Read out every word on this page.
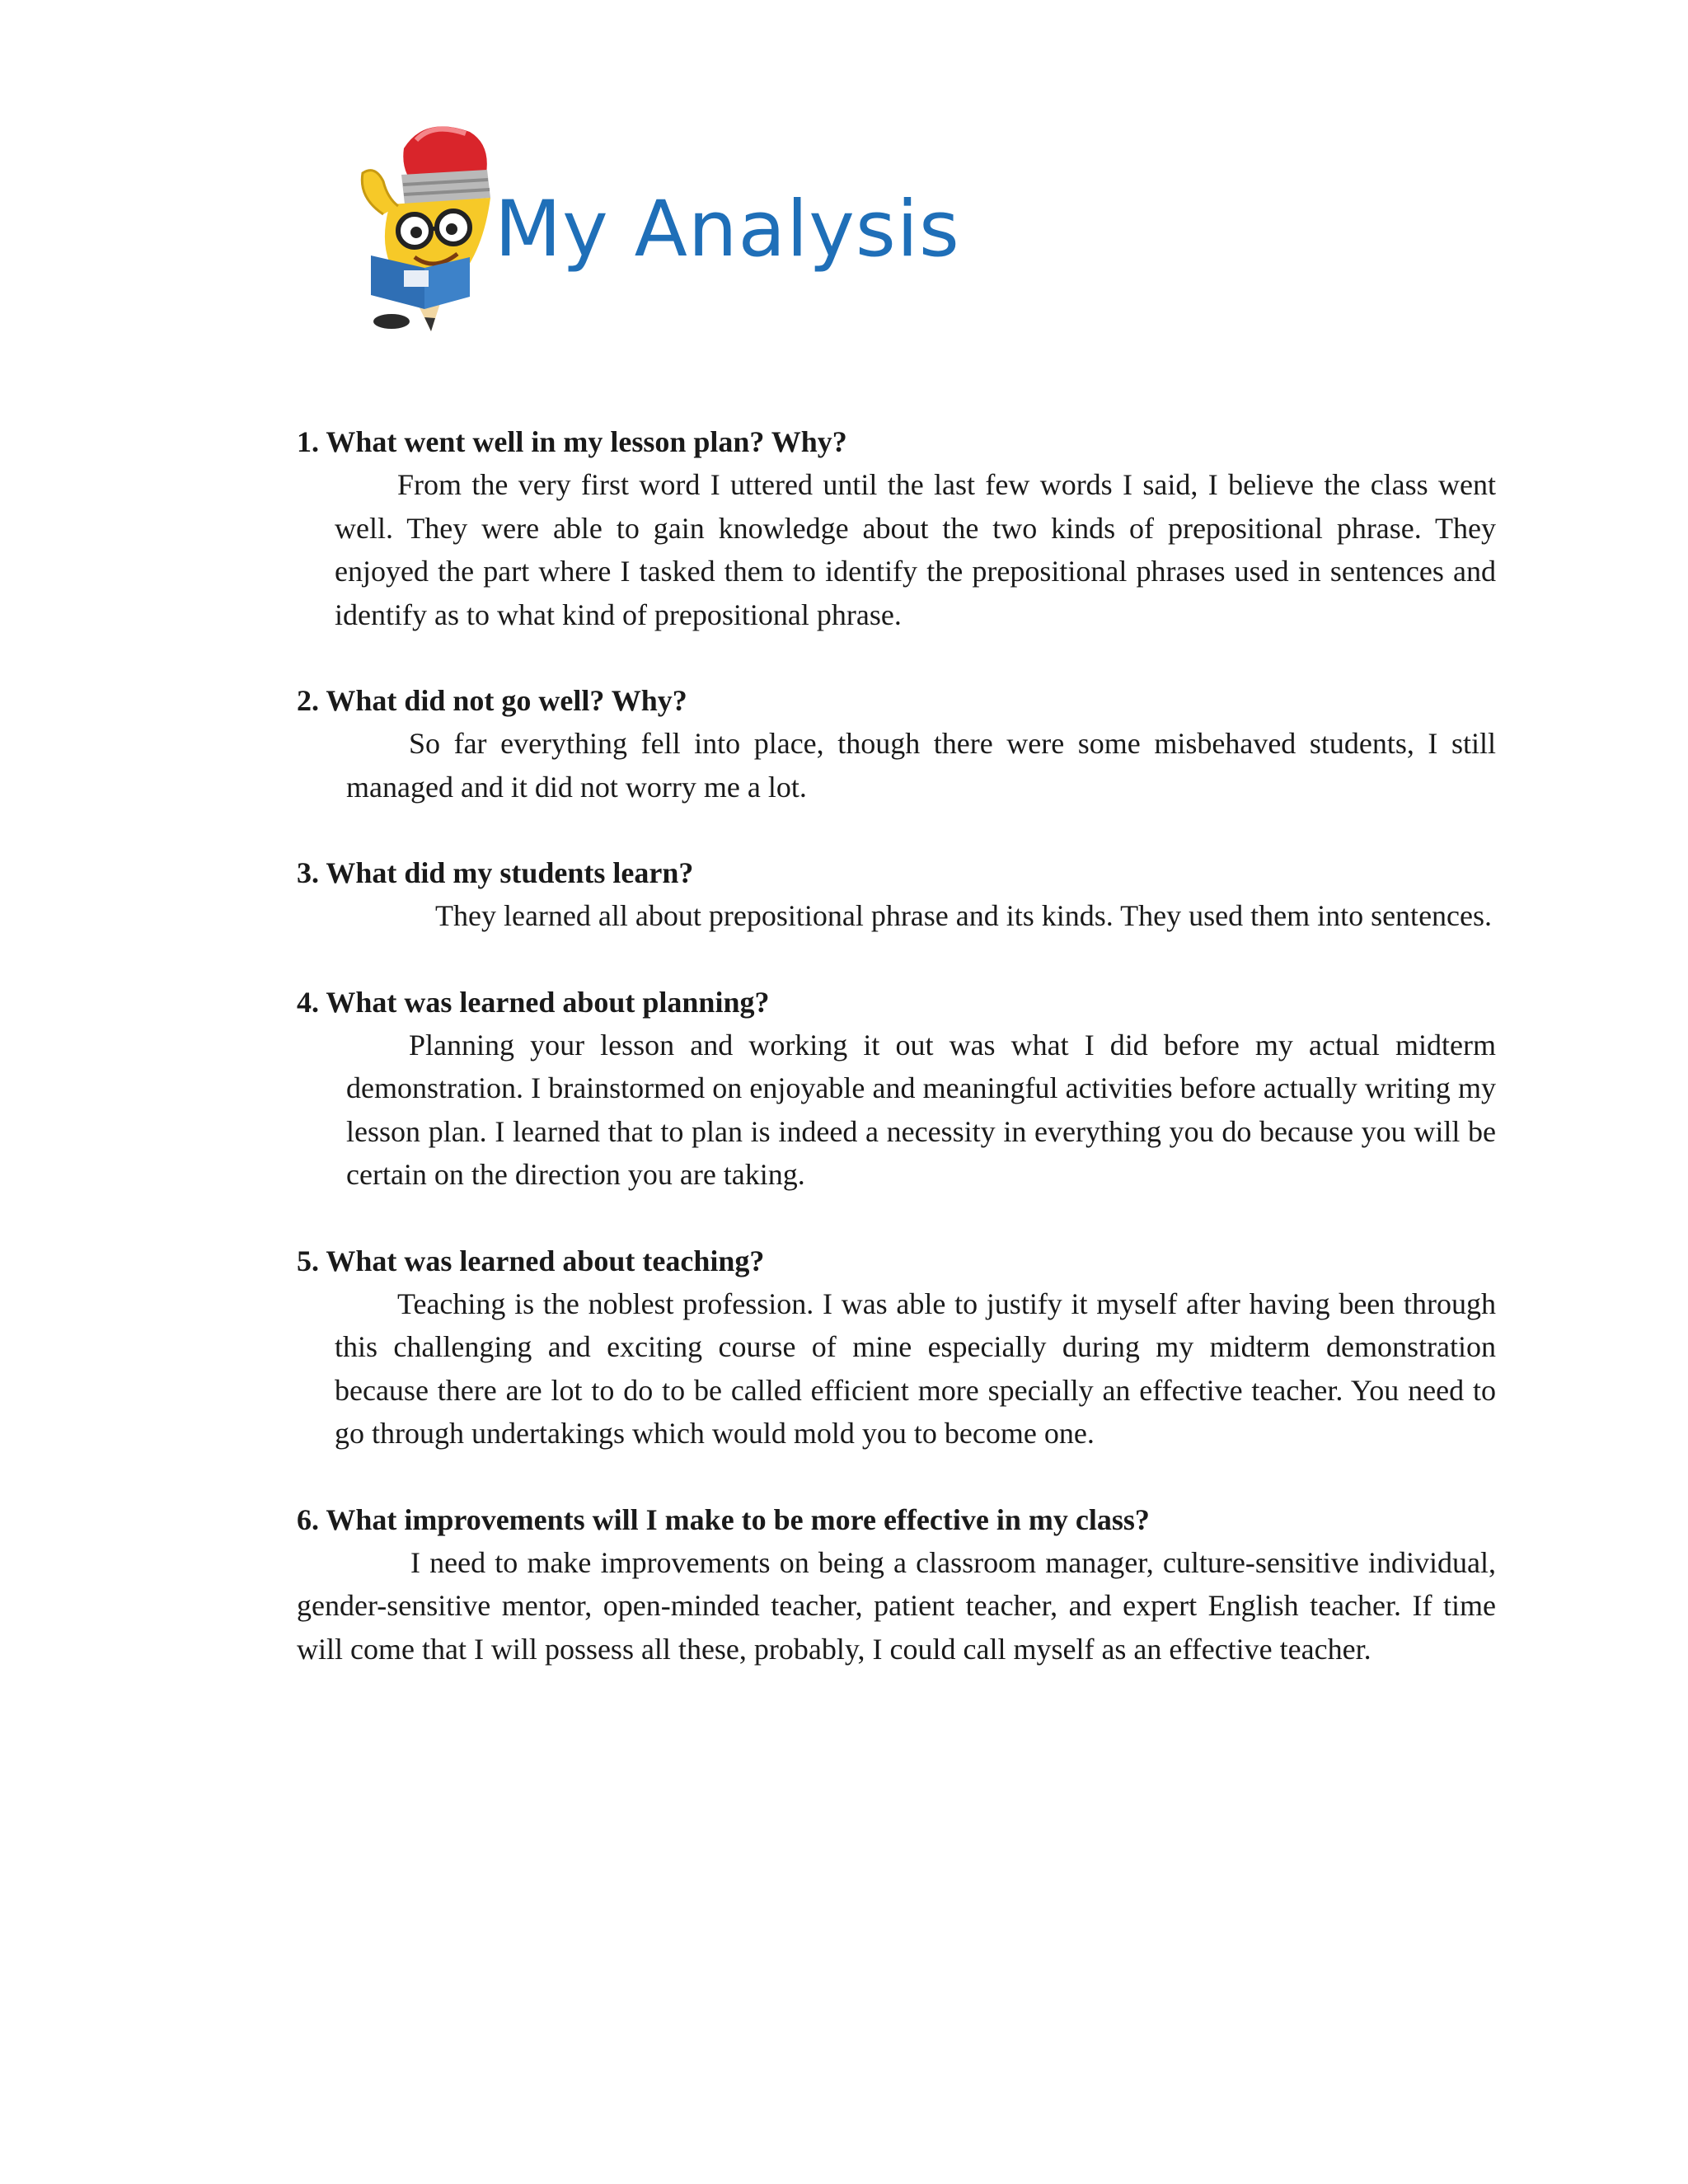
My Analysis

1. What went well in my lesson plan? Why?

From the very first word I uttered until the last few words I said, I believe the class went well. They were able to gain knowledge about the two kinds of prepositional phrase. They enjoyed the part where I tasked them to identify the prepositional phrases used in sentences and identify as to what kind of prepositional phrase.

2. What did not go well? Why?

So far everything fell into place, though there were some misbehaved students, I still managed and it did not worry me a lot.

3. What did my students learn?

They learned all about prepositional phrase and its kinds. They used them into sentences.

4. What was learned about planning?

Planning your lesson and working it out was what I did before my actual midterm demonstration. I brainstormed on enjoyable and meaningful activities before actually writing my lesson plan. I learned that to plan is indeed a necessity in everything you do because you will be certain on the direction you are taking.

5. What was learned about teaching?

Teaching is the noblest profession. I was able to justify it myself after having been through this challenging and exciting course of mine especially during my midterm demonstration because there are lot to do to be called efficient more specially an effective teacher. You need to go through undertakings which would mold you to become one.

6. What improvements will I make to be more effective in my class?

I need to make improvements on being a classroom manager, culture-sensitive individual, gender-sensitive mentor, open-minded teacher, patient teacher, and expert English teacher. If time will come that I will possess all these, probably, I could call myself as an effective teacher.
